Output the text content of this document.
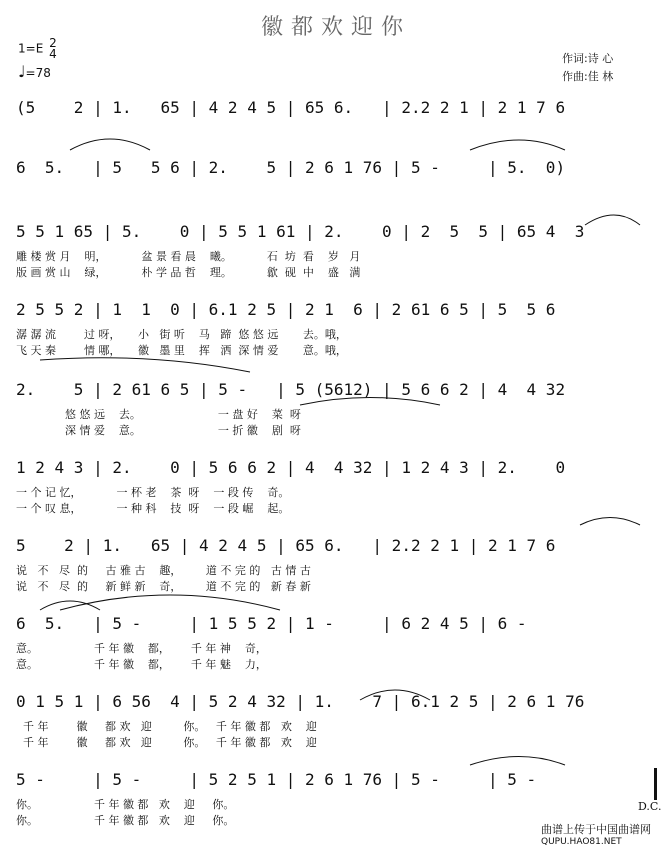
徽都欢迎你
1=E 2
4
♩=78
作词:诗 心
作曲:佳 林
(5    2 | 1.   65 | 4 2 4 5 | 65 6.   | 2.2 2 1 | 2 1 7 6
6  5.   | 5   5 6 | 2.    5 | 2 6 1 76 | 5 -     | 5.  0)
5 5 1 65 | 5.    0 | 5 5 1 61 | 2.    0 | 2  5  5 | 65 4  3
雕 楼 赏 月    明，          盆 景 看 晨    曦。          石  坊  看    岁   月
版 画 赏 山    绿，          朴 学 品 哲    理。          歙  砚  中    盛   满
2 5 5 2 | 1  1  0 | 6.1 2 5 | 2 1  6 | 2 61 6 5 | 5  5 6
潺 潺 流        过 呀，     小   街 听    马   蹄  悠 悠 远       去。哦，
飞 天 秦        情 哪，     徽   墨 里    挥   洒  深 情 爱       意。哦，
2.    5 | 2 61 6 5 | 5 -   | 5 (5612) | 5 6 6 2 | 4  4 32
悠 悠 远    去。                      一 盘 好    菜  呀
深 情 爱    意。                      一 折 徽    剧  呀
1 2 4 3 | 2.    0 | 5 6 6 2 | 4  4 32 | 1 2 4 3 | 2.    0
一 个 记 忆，          一 杯 老    茶  呀    一 段 传    奇。
一 个 叹 息，          一 种 科    技  呀    一 段 崛    起。
5    2 | 1.   65 | 4 2 4 5 | 65 6.   | 2.2 2 1 | 2 1 7 6
说   不   尽  的     古 雅 古    趣，       道 不 完 的   古 情 古
说   不   尽  的     新 鲜 新    奇，       道 不 完 的   新 春 新
6  5.   | 5 -     | 1 5 5 2 | 1 -     | 6 2 4 5 | 6 -
意。                千 年 徽    都，      千 年 神    奇，
意。                千 年 徽    都，      千 年 魅    力，
0 1 5 1 | 6 56  4 | 5 2 4 32 | 1.    7 | 6.1 2 5 | 2 6 1 76
千 年        徽     都 欢   迎         你。   千 年 徽 都   欢    迎
千 年        徽     都 欢   迎         你。   千 年 徽 都   欢    迎
5 -     | 5 -     | 5 2 5 1 | 2 6 1 76 | 5 -     | 5 -
你。                千 年 徽 都   欢    迎     你。
你。                千 年 徽 都   欢    迎     你。
D.C.
曲谱上传于中国曲谱网
QUPU.HAO81.NET
